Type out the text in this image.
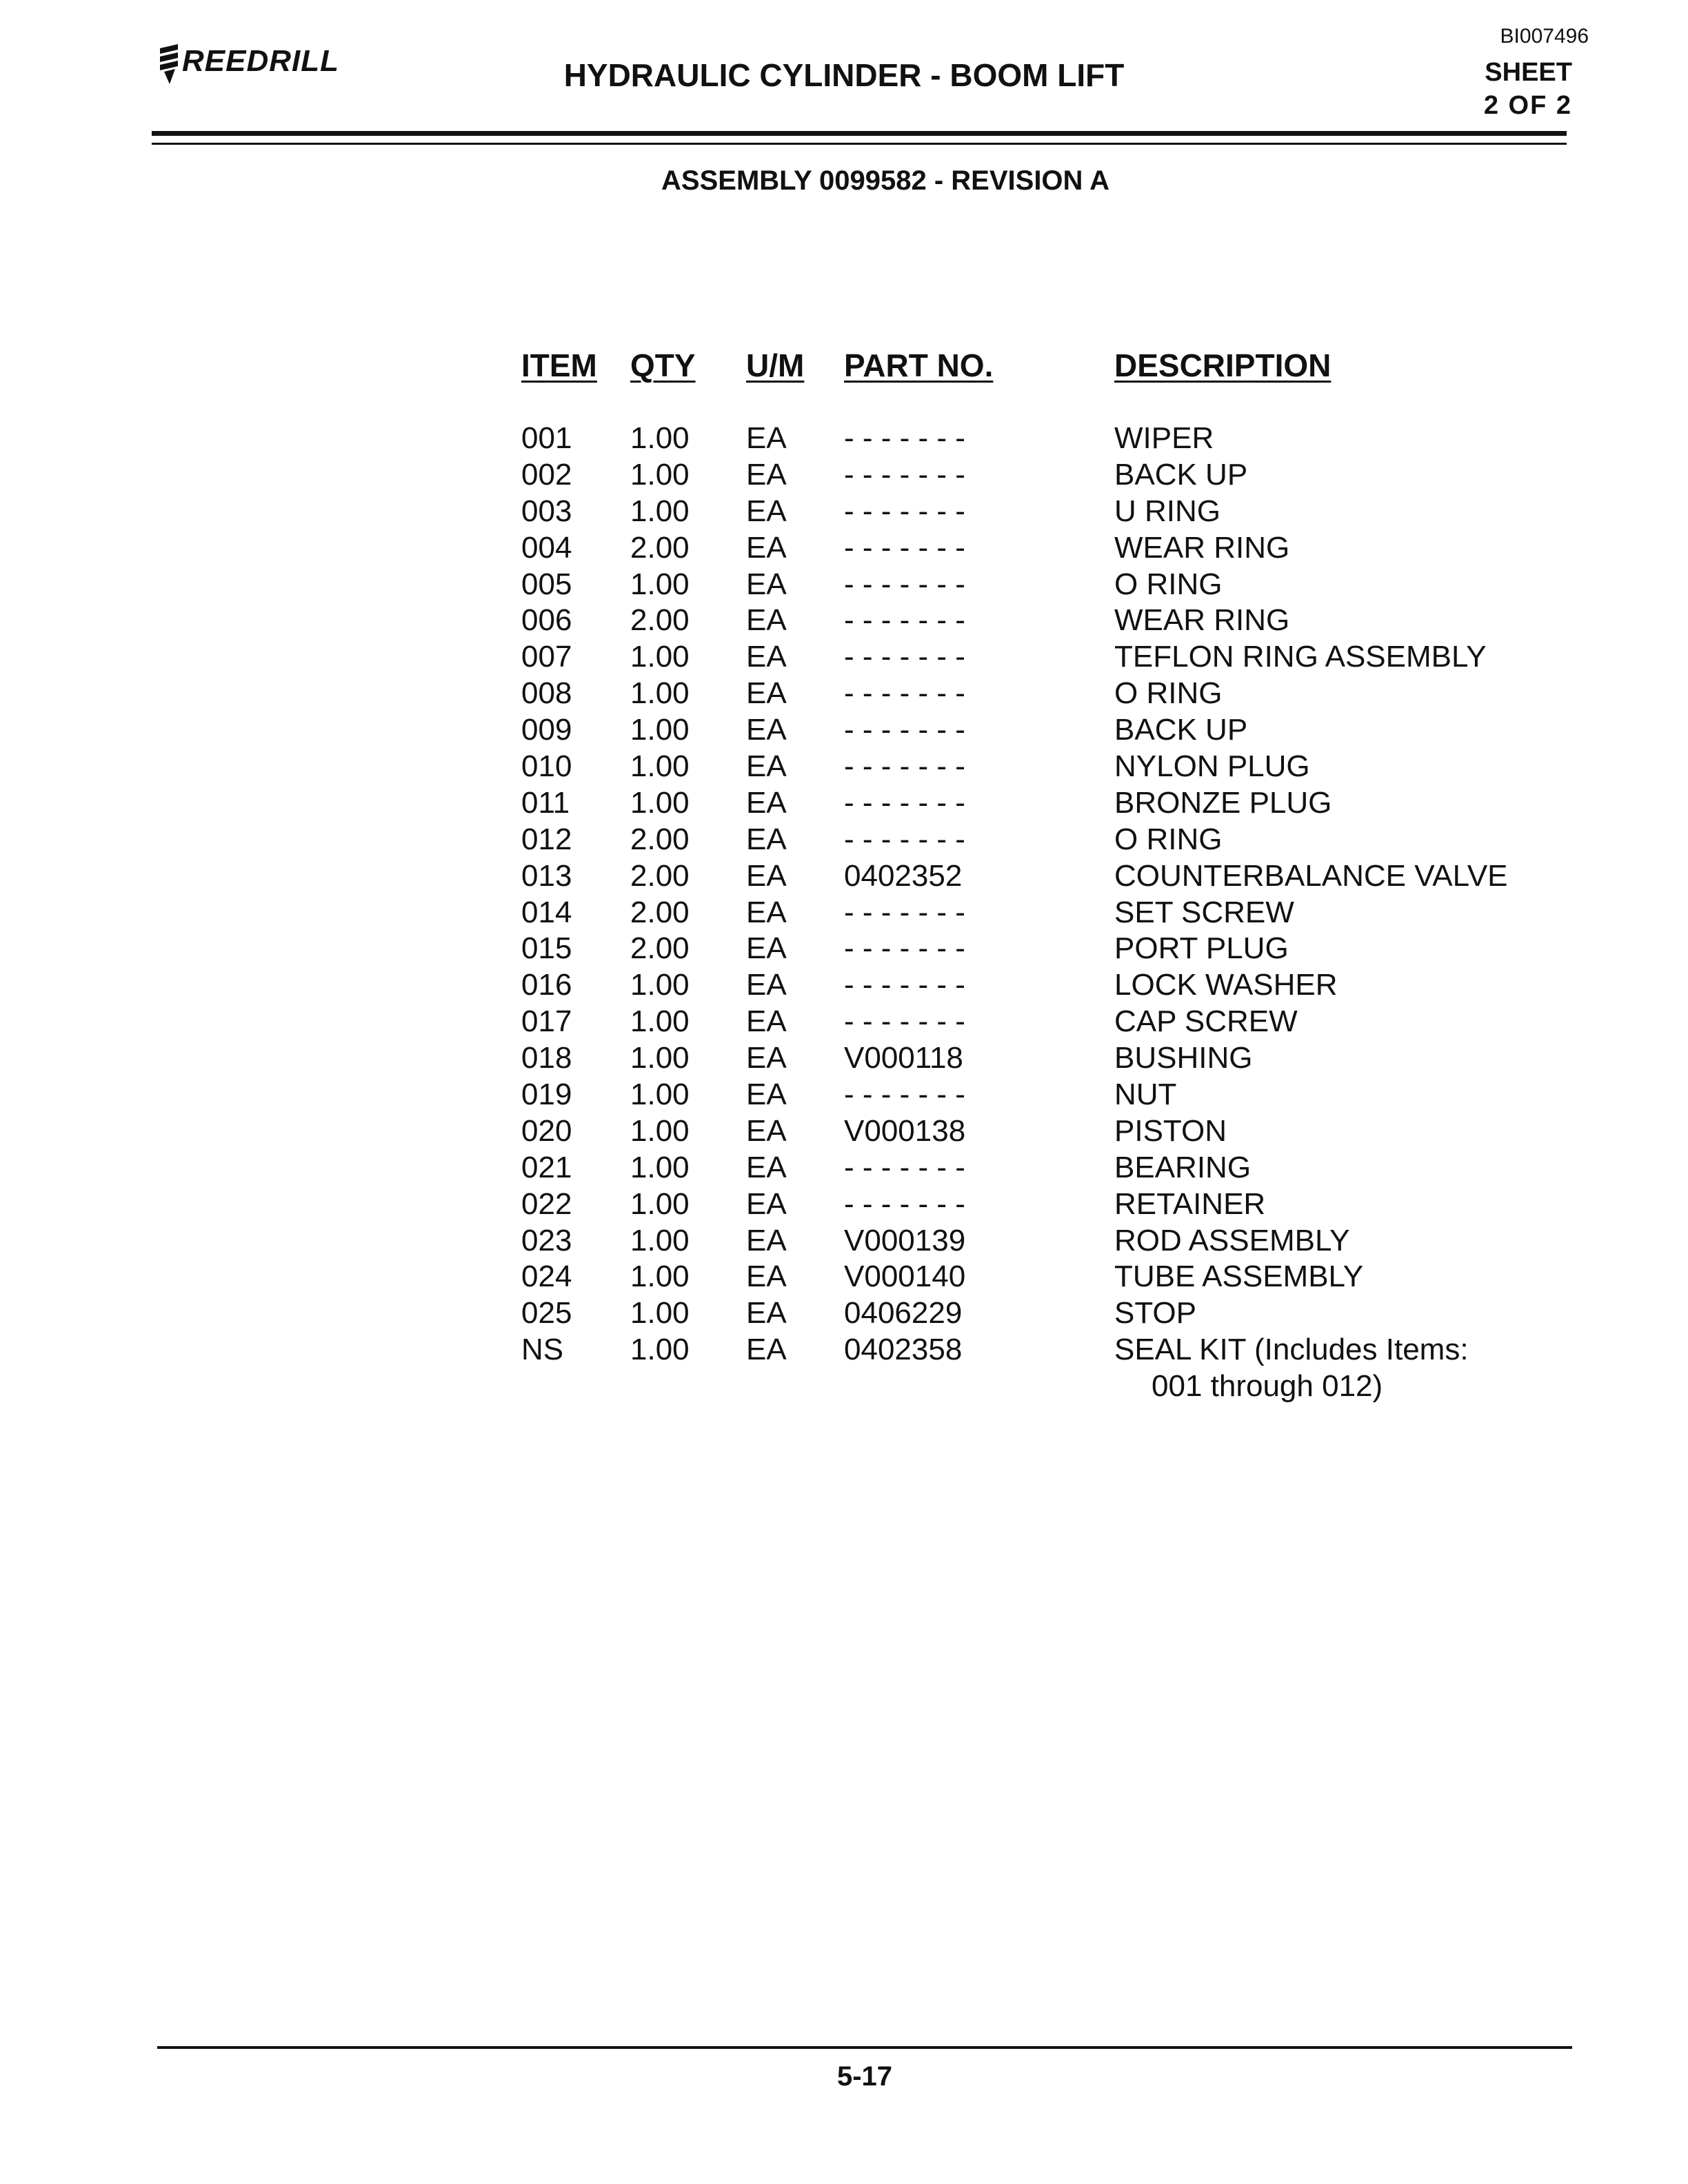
REEDRILL
BI007496
HYDRAULIC CYLINDER - BOOM LIFT	SHEET
2 OF 2
ASSEMBLY 0099582 - REVISION A
ITEM	QTY	U/M	PART NO.	DESCRIPTION
001	1.00	EA	- - - - - - -	WIPER
002	1.00	EA	- - - - - - -	BACK UP
003	1.00	EA	- - - - - - -	U RING
004	2.00	EA	- - - - - - -	WEAR RING
005	1.00	EA	- - - - - - -	O RING
006	2.00	EA	- - - - - - -	WEAR RING
007	1.00	EA	- - - - - - -	TEFLON RING ASSEMBLY
008	1.00	EA	- - - - - - -	O RING
009	1.00	EA	- - - - - - -	BACK UP
010	1.00	EA	- - - - - - -	NYLON PLUG
011	1.00	EA	- - - - - - -	BRONZE PLUG
012	2.00	EA	- - - - - - -	O RING
013	2.00	EA	0402352	COUNTERBALANCE VALVE
014	2.00	EA	- - - - - - -	SET SCREW
015	2.00	EA	- - - - - - -	PORT PLUG
016	1.00	EA	- - - - - - -	LOCK WASHER
017	1.00	EA	- - - - - - -	CAP SCREW
018	1.00	EA	V000118	BUSHING
019	1.00	EA	- - - - - - -	NUT
020	1.00	EA	V000138	PISTON
021	1.00	EA	- - - - - - -	BEARING
022	1.00	EA	- - - - - - -	RETAINER
023	1.00	EA	V000139	ROD ASSEMBLY
024	1.00	EA	V000140	TUBE ASSEMBLY
025	1.00	EA	0406229	STOP
NS	1.00	EA	0402358	SEAL KIT (Includes Items:
001 through 012)
5-17
